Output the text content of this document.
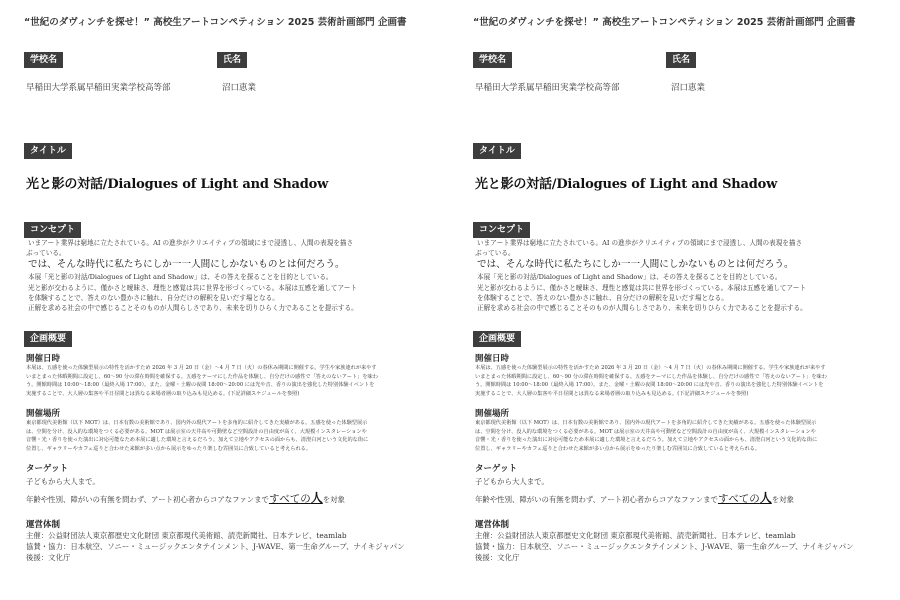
“世紀のダヴィンチを探せ！” 高校生アートコンペティション 2025 芸術計画部門 企画書
学校名	氏名
早稲田大学系属早稲田実業学校高等部	沼口恵業
タイトル
光と影の対話/Dialogues of Light and Shadow
コンセプト

いまアート業界は窮地に立たされている。AI の進歩がクリエイティブの領域にまで浸透し、人間の表現を描さ

ぶっている。

では、そんな時代に私たちにしか一一人間にしかないものとは何だろう。

本展「光と影の対話/Dialogues of Light and Shadow」は、その答えを探ることを目的としている。

光と影が交わるように、僅かさと曖昧さ、理性と感覚は共に世界を形づくっている。本展は五感を通してアート

を体験することで、答えのない豊かさに触れ、自分だけの解釈を見いだす場となる。

正解を求める社会の中で感じることそのものが人間らしさであり、未来を切りひらく力であることを提示する。

企画概要
開催日時

本展は、五感を使った体験型展示の特性を活かすため 2026 年 3 月 20 日（金）〜4 月 7 日（火）の春休み期間に開催する。学生や家族連れが来やす

いまとまった休暇期間に設定し、60〜90 分の滞在時間を確保する。五感をテーマにした作品を体験し、自分だけの感性で「答えのないアート」を味わ

う。開館時間は 10:00〜18:00（最終入場 17:00）。また、金曜・土曜の夜間 18:00〜20:00 には光や音、香りの演出を強化した特別体験イベントを

実施することで、大人層の集客や平日昼間とは異なる来場者層の取り込みも見込める。(下記詳細スケジュールを参照)

開催場所

東京都現代美術館（以下 MOT）は、日本有数の美術館であり、国内外の現代アートを多角的に紹介してきた実績がある。五感を使った体験型展示

は、空間を分け、没入的な環境をつくる必要がある。MOT は展示室の天井高や可動壁など空間設計の自由度が高く、大規模インスタレーションや

音響・光・香りを使った演出に対応可能なため本展に適した環境と言えるだろう。加えて立地やアクセスの面からも、清澄白河という文化的な街に

位置し、ギャラリーやカフェ巡りと合わせた来館が多い点から展示をゆったり楽しむ雰囲気に合致していると考えられる。

ターゲット

子どもから大人まで。

年齢や性別、障がいの有無を問わず、アート初心者からコアなファンまですべての人を対象

運営体制

主催：公益財団法人東京都歴史文化財団 東京都現代美術館、読売新聞社、日本テレビ、teamlab

協賛・協力：日本航空、ソニー・ミュージックエンタテインメント、J-WAVE、第一生命グループ、ナイキジャパン

後援：文化庁

“世紀のダヴィンチを探せ！” 高校生アートコンペティション 2025 芸術計画部門 企画書
学校名	氏名
早稲田大学系属早稲田実業学校高等部	沼口恵業
タイトル
光と影の対話/Dialogues of Light and Shadow
コンセプト

いまアート業界は窮地に立たされている。AI の進歩がクリエイティブの領域にまで浸透し、人間の表現を描さ

ぶっている。

では、そんな時代に私たちにしか一一人間にしかないものとは何だろう。

本展「光と影の対話/Dialogues of Light and Shadow」は、その答えを探ることを目的としている。

光と影が交わるように、僅かさと曖昧さ、理性と感覚は共に世界を形づくっている。本展は五感を通してアート

を体験することで、答えのない豊かさに触れ、自分だけの解釈を見いだす場となる。

正解を求める社会の中で感じることそのものが人間らしさであり、未来を切りひらく力であることを提示する。

企画概要
開催日時

本展は、五感を使った体験型展示の特性を活かすため 2026 年 3 月 20 日（金）〜4 月 7 日（火）の春休み期間に開催する。学生や家族連れが来やす

いまとまった休暇期間に設定し、60〜90 分の滞在時間を確保する。五感をテーマにした作品を体験し、自分だけの感性で「答えのないアート」を味わ

う。開館時間は 10:00〜18:00（最終入場 17:00）。また、金曜・土曜の夜間 18:00〜20:00 には光や音、香りの演出を強化した特別体験イベントを

実施することで、大人層の集客や平日昼間とは異なる来場者層の取り込みも見込める。(下記詳細スケジュールを参照)

開催場所

東京都現代美術館（以下 MOT）は、日本有数の美術館であり、国内外の現代アートを多角的に紹介してきた実績がある。五感を使った体験型展示

は、空間を分け、没入的な環境をつくる必要がある。MOT は展示室の天井高や可動壁など空間設計の自由度が高く、大規模インスタレーションや

音響・光・香りを使った演出に対応可能なため本展に適した環境と言えるだろう。加えて立地やアクセスの面からも、清澄白河という文化的な街に

位置し、ギャラリーやカフェ巡りと合わせた来館が多い点から展示をゆったり楽しむ雰囲気に合致していると考えられる。

ターゲット

子どもから大人まで。

年齢や性別、障がいの有無を問わず、アート初心者からコアなファンまですべての人を対象

運営体制

主催：公益財団法人東京都歴史文化財団 東京都現代美術館、読売新聞社、日本テレビ、teamlab

協賛・協力：日本航空、ソニー・ミュージックエンタテインメント、J-WAVE、第一生命グループ、ナイキジャパン

後援：文化庁
